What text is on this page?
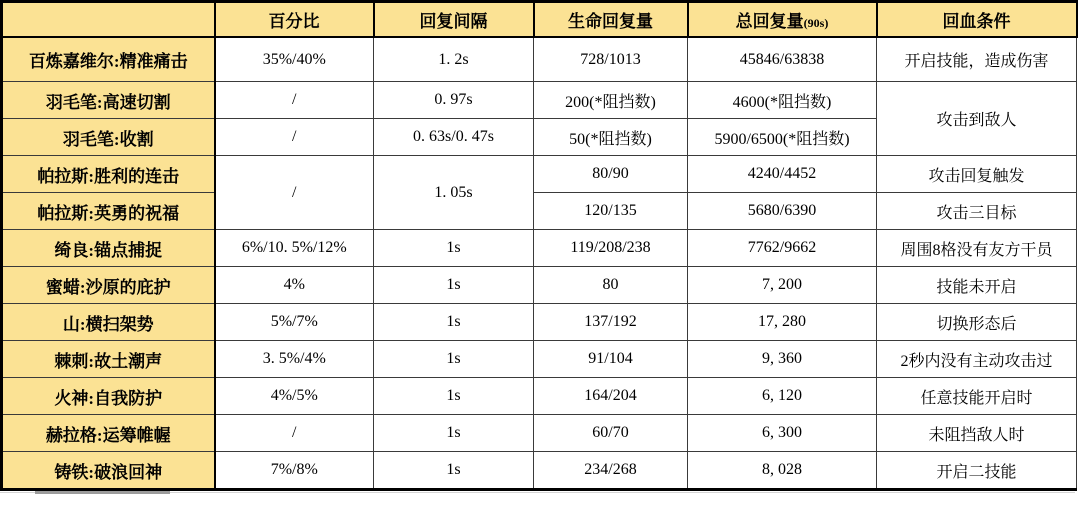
	百分比	回复间隔	生命回复量	总回复量(90s)	回血条件
百炼嘉维尔:精准痛击	35%/40%	1. 2s	728/1013	45846/63838	开启技能，造成伤害
羽毛笔:高速切割	/	0. 97s	200(*阻挡数)	4600(*阻挡数)	攻击到敌人
羽毛笔:收割	/	0. 63s/0. 47s	50(*阻挡数)	5900/6500(*阻挡数)	
帕拉斯:胜利的连击	/	1. 05s	80/90	4240/4452	攻击回复触发
帕拉斯:英勇的祝福			120/135	5680/6390	攻击三目标
绮良:锚点捕捉	6%/10. 5%/12%	1s	119/208/238	7762/9662	周围8格没有友方干员
蜜蜡:沙原的庇护	4%	1s	80	7, 200	技能未开启
山:横扫架势	5%/7%	1s	137/192	17, 280	切换形态后
棘刺:故土潮声	3. 5%/4%	1s	91/104	9, 360	2秒内没有主动攻击过
火神:自我防护	4%/5%	1s	164/204	6, 120	任意技能开启时
赫拉格:运筹帷幄	/	1s	60/70	6, 300	未阻挡敌人时
铸铁:破浪回神	7%/8%	1s	234/268	8, 028	开启二技能
